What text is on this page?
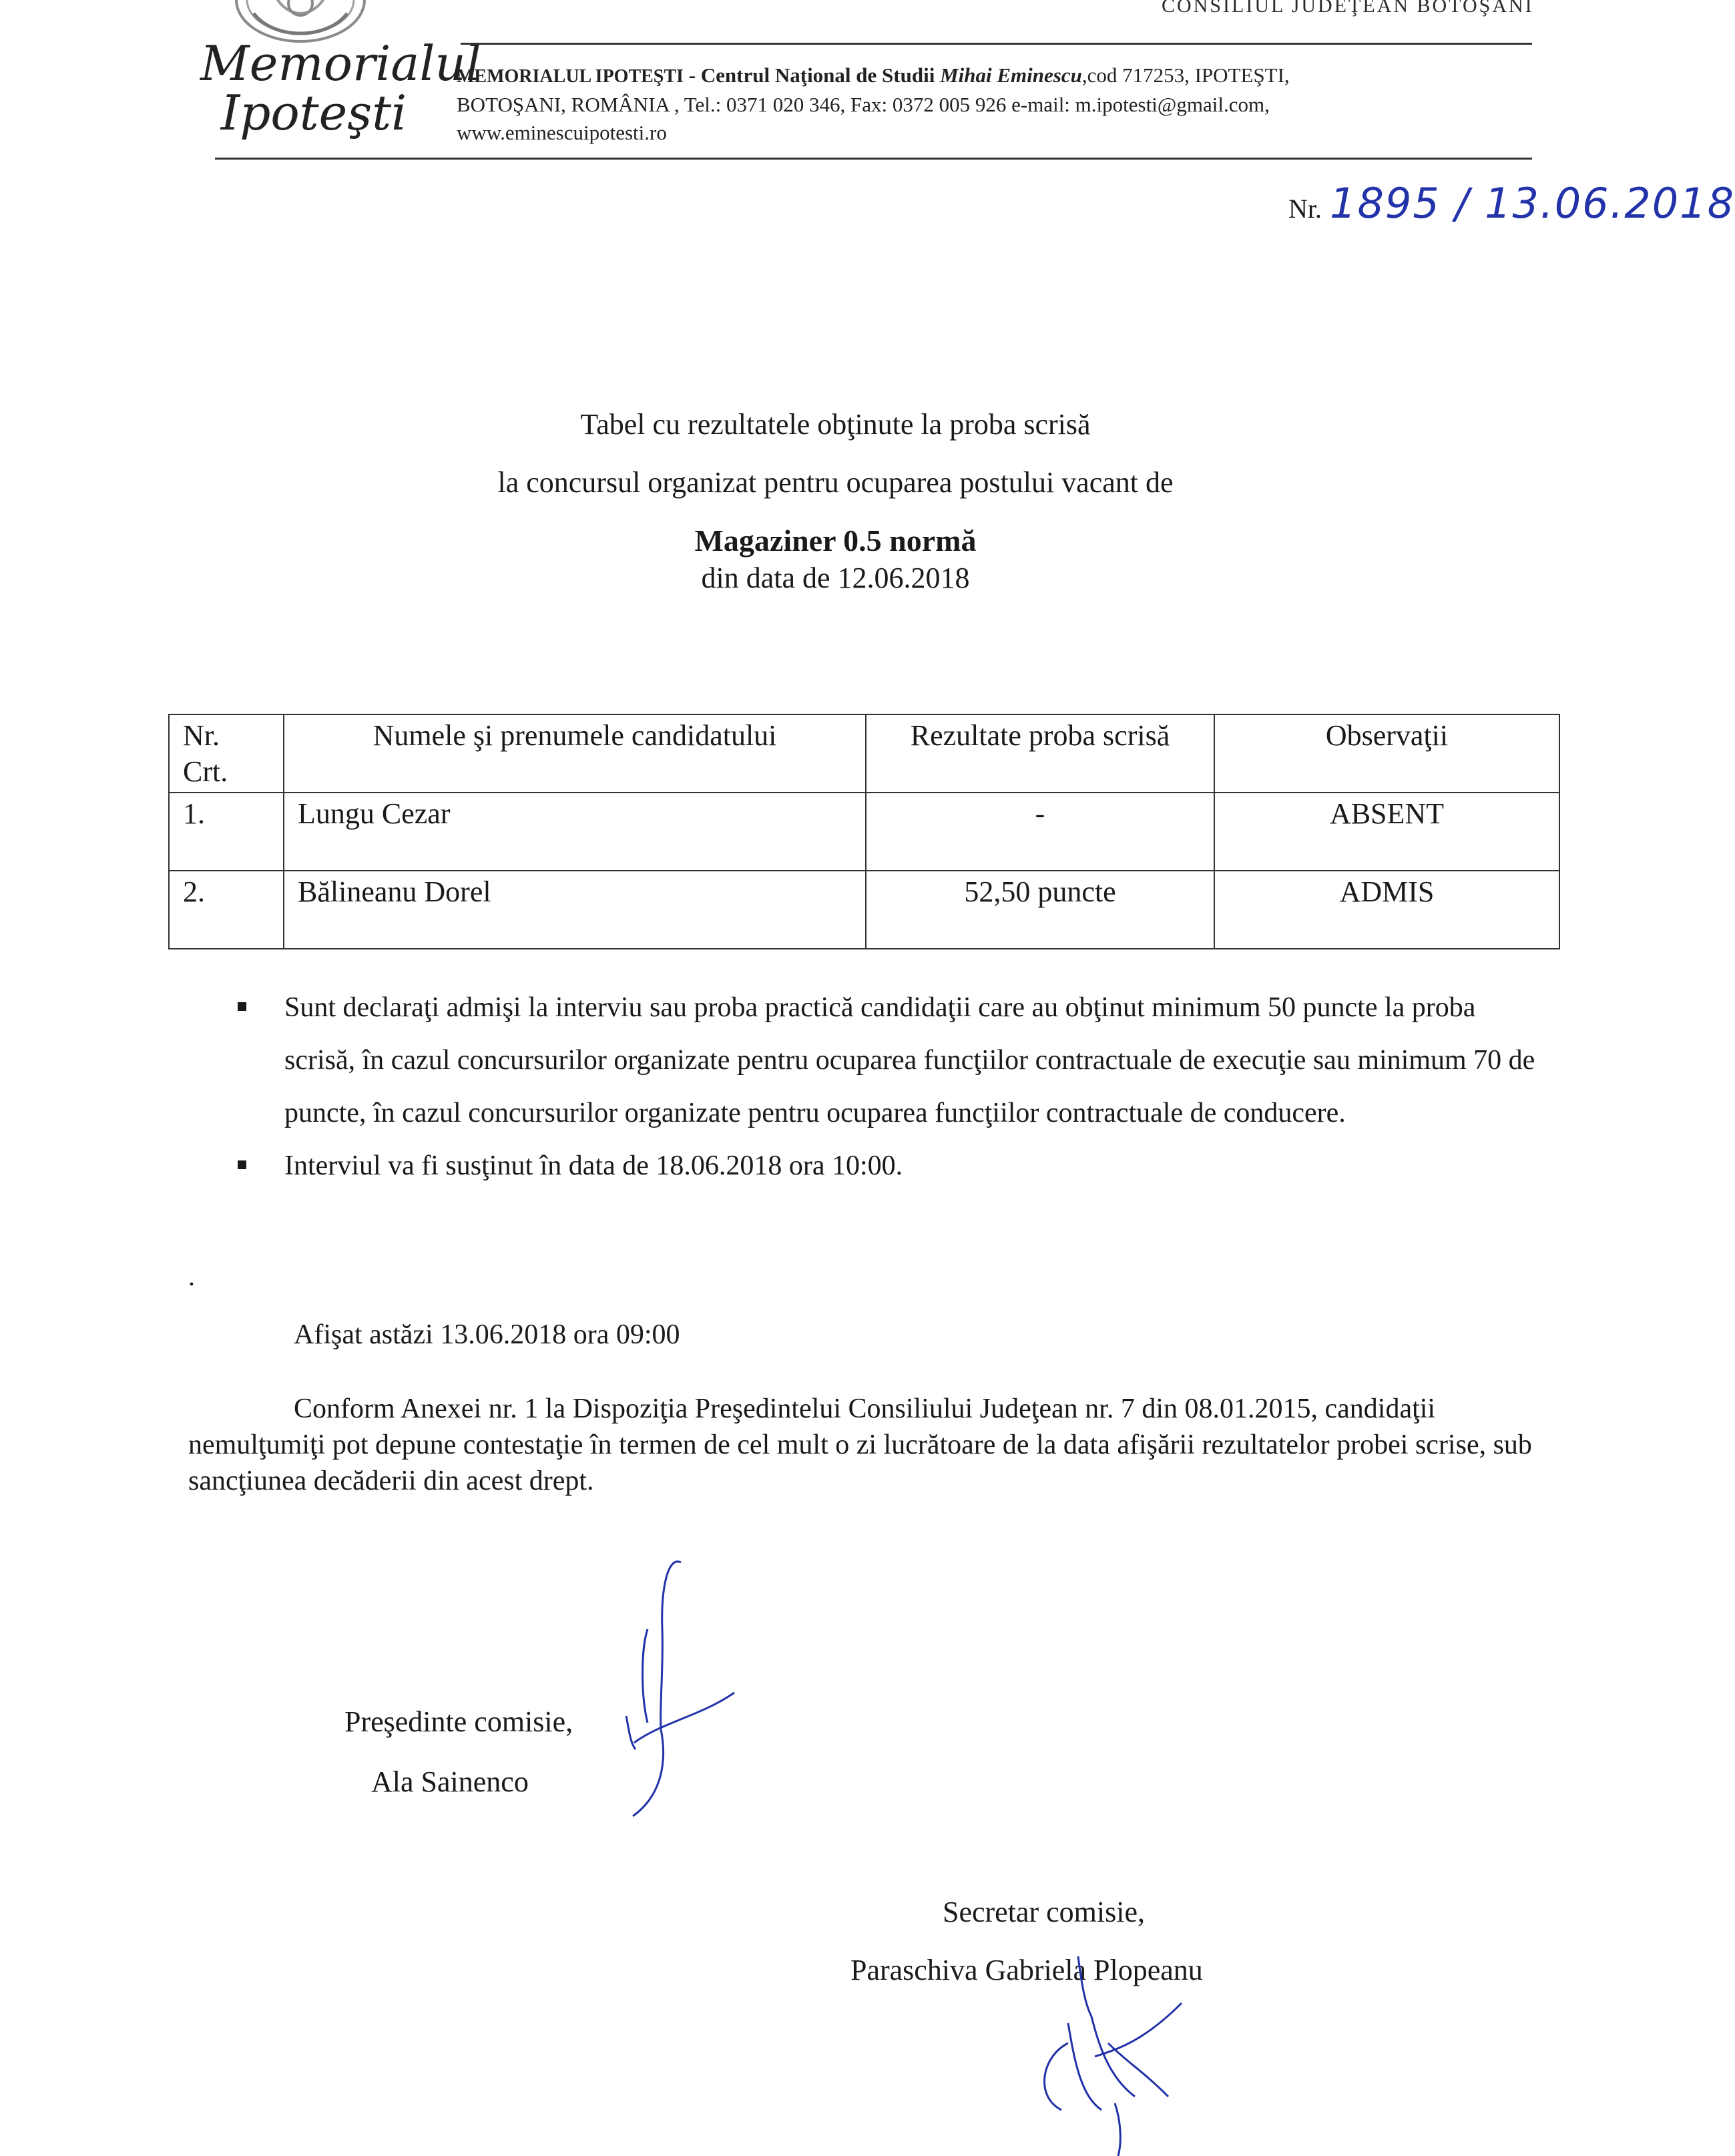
CONSILIUL JUDEŢEAN BOTOŞANI
Memorialul
Ipoteşti
MEMORIALUL IPOTEŞTI - Centrul Naţional de Studii Mihai Eminescu,cod 717253, IPOTEŞTI,
BOTOŞANI, ROMÂNIA , Tel.: 0371 020 346, Fax: 0372 005 926 e-mail: m.ipotesti@gmail.com,
www.eminescuipotesti.ro
Nr. 1895 / 13.06.2018
Tabel cu rezultatele obţinute la proba scrisă
la concursul organizat pentru ocuparea postului vacant de
Magaziner 0.5 normă
din data de 12.06.2018
Nr. Crt.	Numele şi prenumele candidatului	Rezultate proba scrisă	Observaţii
1.	Lungu Cezar	-	ABSENT
2.	Bălineanu Dorel	52,50 puncte	ADMIS
Sunt declaraţi admişi la interviu sau proba practică candidaţii care au obţinut minimum 50 puncte la proba scrisă, în cazul concursurilor organizate pentru ocuparea funcţiilor contractuale de execuţie sau minimum 70 de puncte, în cazul concursurilor organizate pentru ocuparea funcţiilor contractuale de conducere.
Interviul va fi susţinut în data de 18.06.2018 ora 10:00.
.
Afişat astăzi 13.06.2018 ora 09:00
Conform Anexei nr. 1 la Dispoziţia Preşedintelui Consiliului Judeţean nr. 7 din 08.01.2015, candidaţii nemulţumiţi pot depune contestaţie în termen de cel mult o zi lucrătoare de la data afişării rezultatelor probei scrise, sub sancţiunea decăderii din acest drept.
Preşedinte comisie,
Ala Sainenco
Secretar comisie,
Paraschiva Gabriela Plopeanu
